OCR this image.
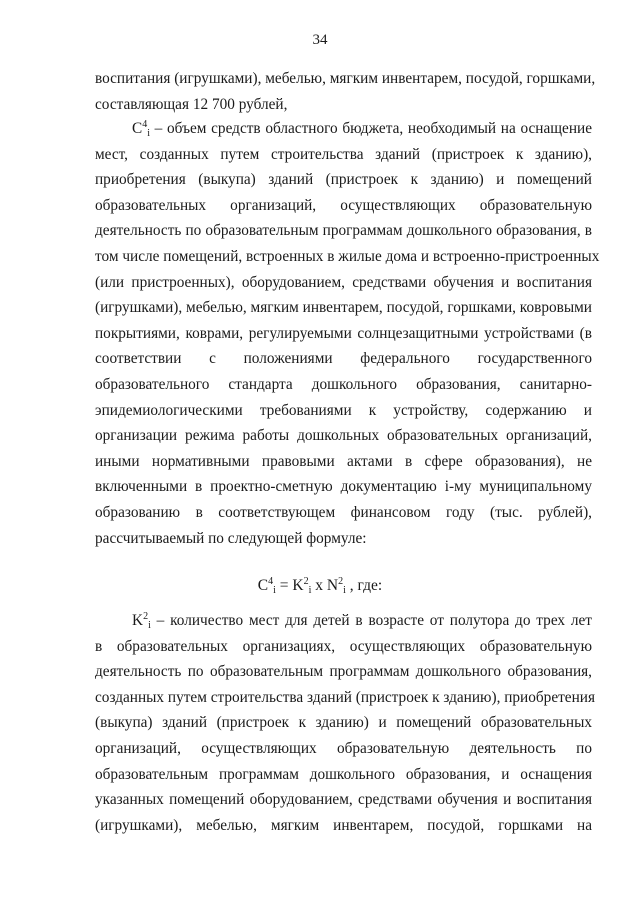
34
воспитания (игрушками), мебелью, мягким инвентарем, посудой, горшками,
составляющая 12 700 рублей,
$C^4_i$ – объем средств областного бюджета, необходимый на оснащение
мест, созданных путем строительства зданий (пристроек к зданию),
приобретения (выкупа) зданий (пристроек к зданию) и помещений
образовательных организаций, осуществляющих образовательную
деятельность по образовательным программам дошкольного образования, в
том числе помещений, встроенных в жилые дома и встроенно-пристроенных
(или пристроенных), оборудованием, средствами обучения и воспитания
(игрушками), мебелью, мягким инвентарем, посудой, горшками, ковровыми
покрытиями, коврами, регулируемыми солнцезащитными устройствами (в
соответствии с положениями федерального государственного
образовательного стандарта дошкольного образования, санитарно-
эпидемиологическими требованиями к устройству, содержанию и
организации режима работы дошкольных образовательных организаций,
иными нормативными правовыми актами в сфере образования), не
включенными в проектно-сметную документацию i-му муниципальному
образованию в соответствующем финансовом году (тыс. рублей),
рассчитываемый по следующей формуле:
$C^4_i = K^2_i$ x $N^2_i$ , где:
$K^2_i$ – количество мест для детей в возрасте от полутора до трех лет
в образовательных организациях, осуществляющих образовательную
деятельность по образовательным программам дошкольного образования,
созданных путем строительства зданий (пристроек к зданию), приобретения
(выкупа) зданий (пристроек к зданию) и помещений образовательных
организаций, осуществляющих образовательную деятельность по
образовательным программам дошкольного образования, и оснащения
указанных помещений оборудованием, средствами обучения и воспитания
(игрушками), мебелью, мягким инвентарем, посудой, горшками на
